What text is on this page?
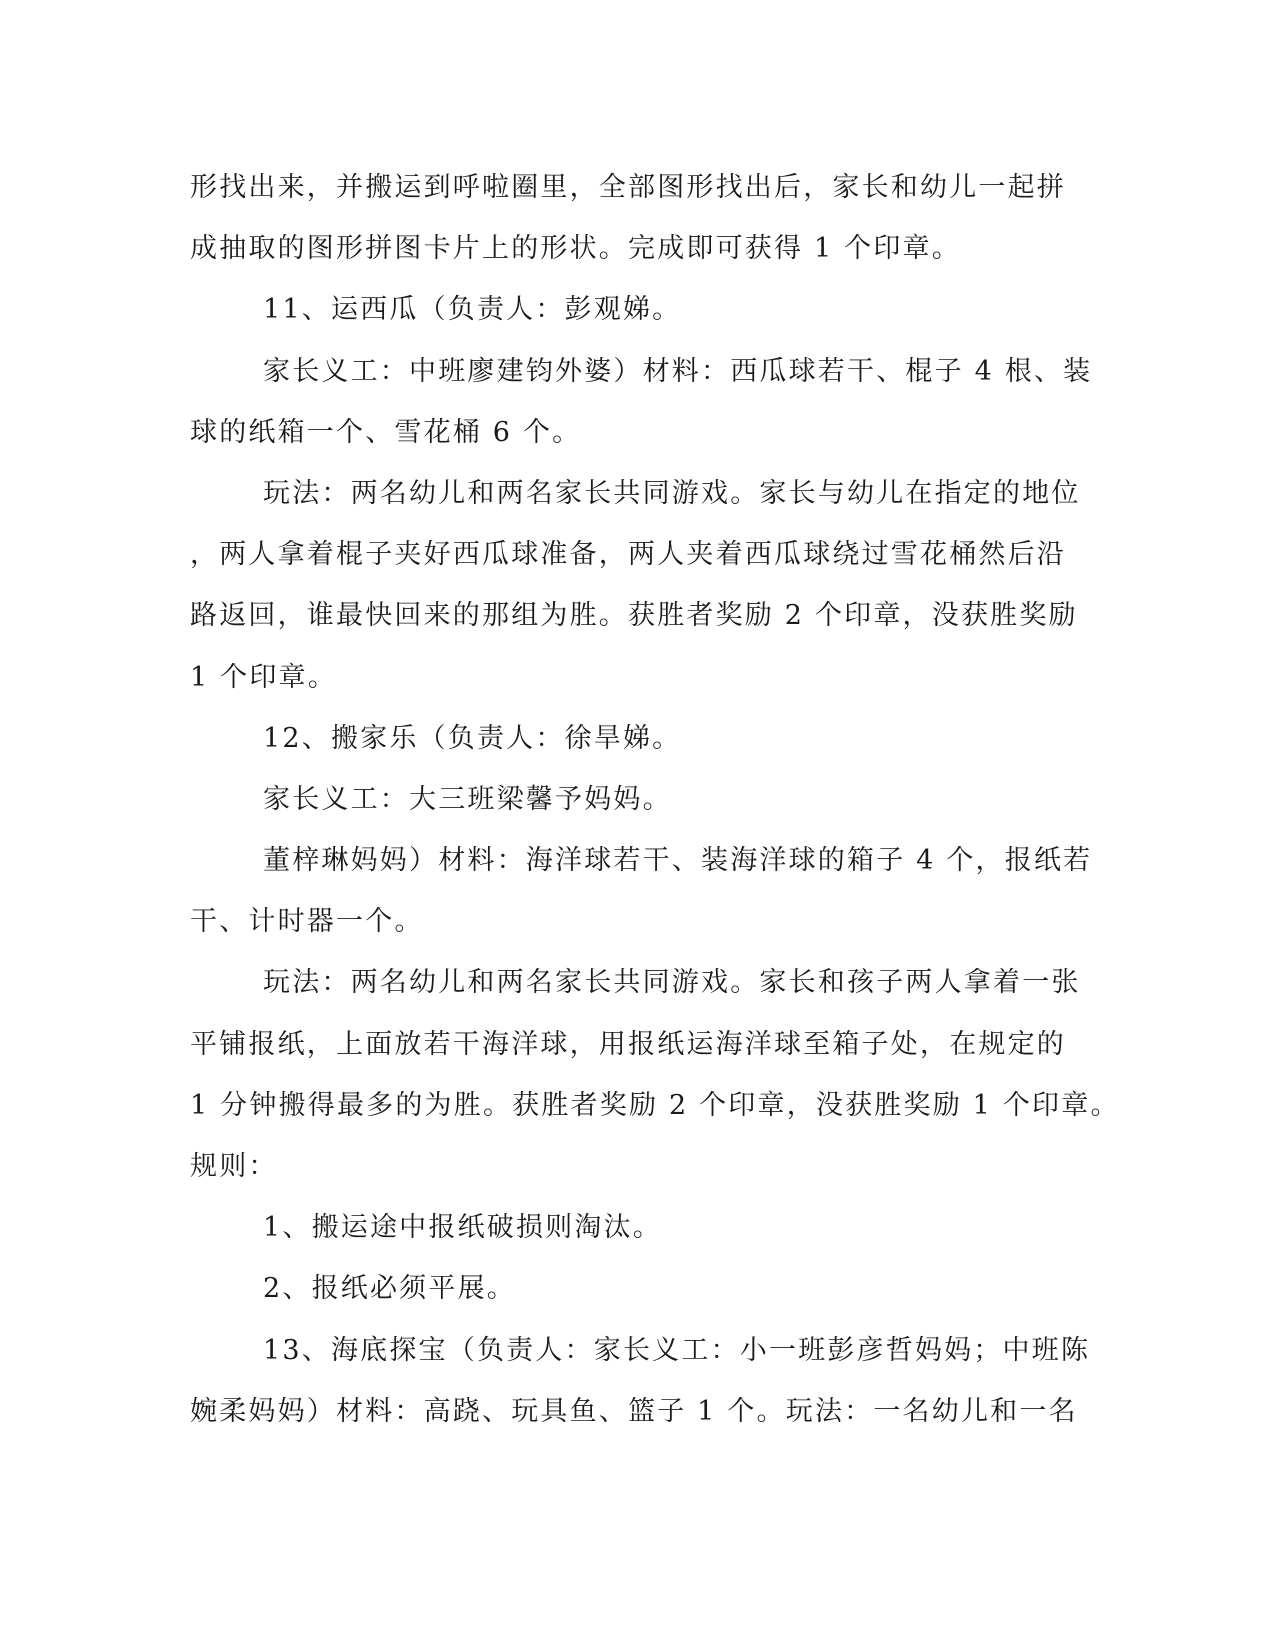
形找出来，并搬运到呼啦圈里，全部图形找出后，家长和幼儿一起拼
成抽取的图形拼图卡片上的形状。完成即可获得 1 个印章。
11、运西瓜（负责人：彭观娣。
家长义工：中班廖建钧外婆）材料：西瓜球若干、棍子 4 根、装
球的纸箱一个、雪花桶 6 个。
玩法：两名幼儿和两名家长共同游戏。家长与幼儿在指定的地位
，两人拿着棍子夹好西瓜球准备，两人夹着西瓜球绕过雪花桶然后沿
路返回，谁最快回来的那组为胜。获胜者奖励 2 个印章，没获胜奖励
1 个印章。
12、搬家乐（负责人：徐旱娣。
家长义工：大三班梁馨予妈妈。
董梓琳妈妈）材料：海洋球若干、装海洋球的箱子 4 个，报纸若
干、计时器一个。
玩法：两名幼儿和两名家长共同游戏。家长和孩子两人拿着一张
平铺报纸，上面放若干海洋球，用报纸运海洋球至箱子处，在规定的
1 分钟搬得最多的为胜。获胜者奖励 2 个印章，没获胜奖励 1 个印章。
规则：
1、搬运途中报纸破损则淘汰。
2、报纸必须平展。
13、海底探宝（负责人：家长义工：小一班彭彦哲妈妈；中班陈
婉柔妈妈）材料：高跷、玩具鱼、篮子 1 个。玩法：一名幼儿和一名
